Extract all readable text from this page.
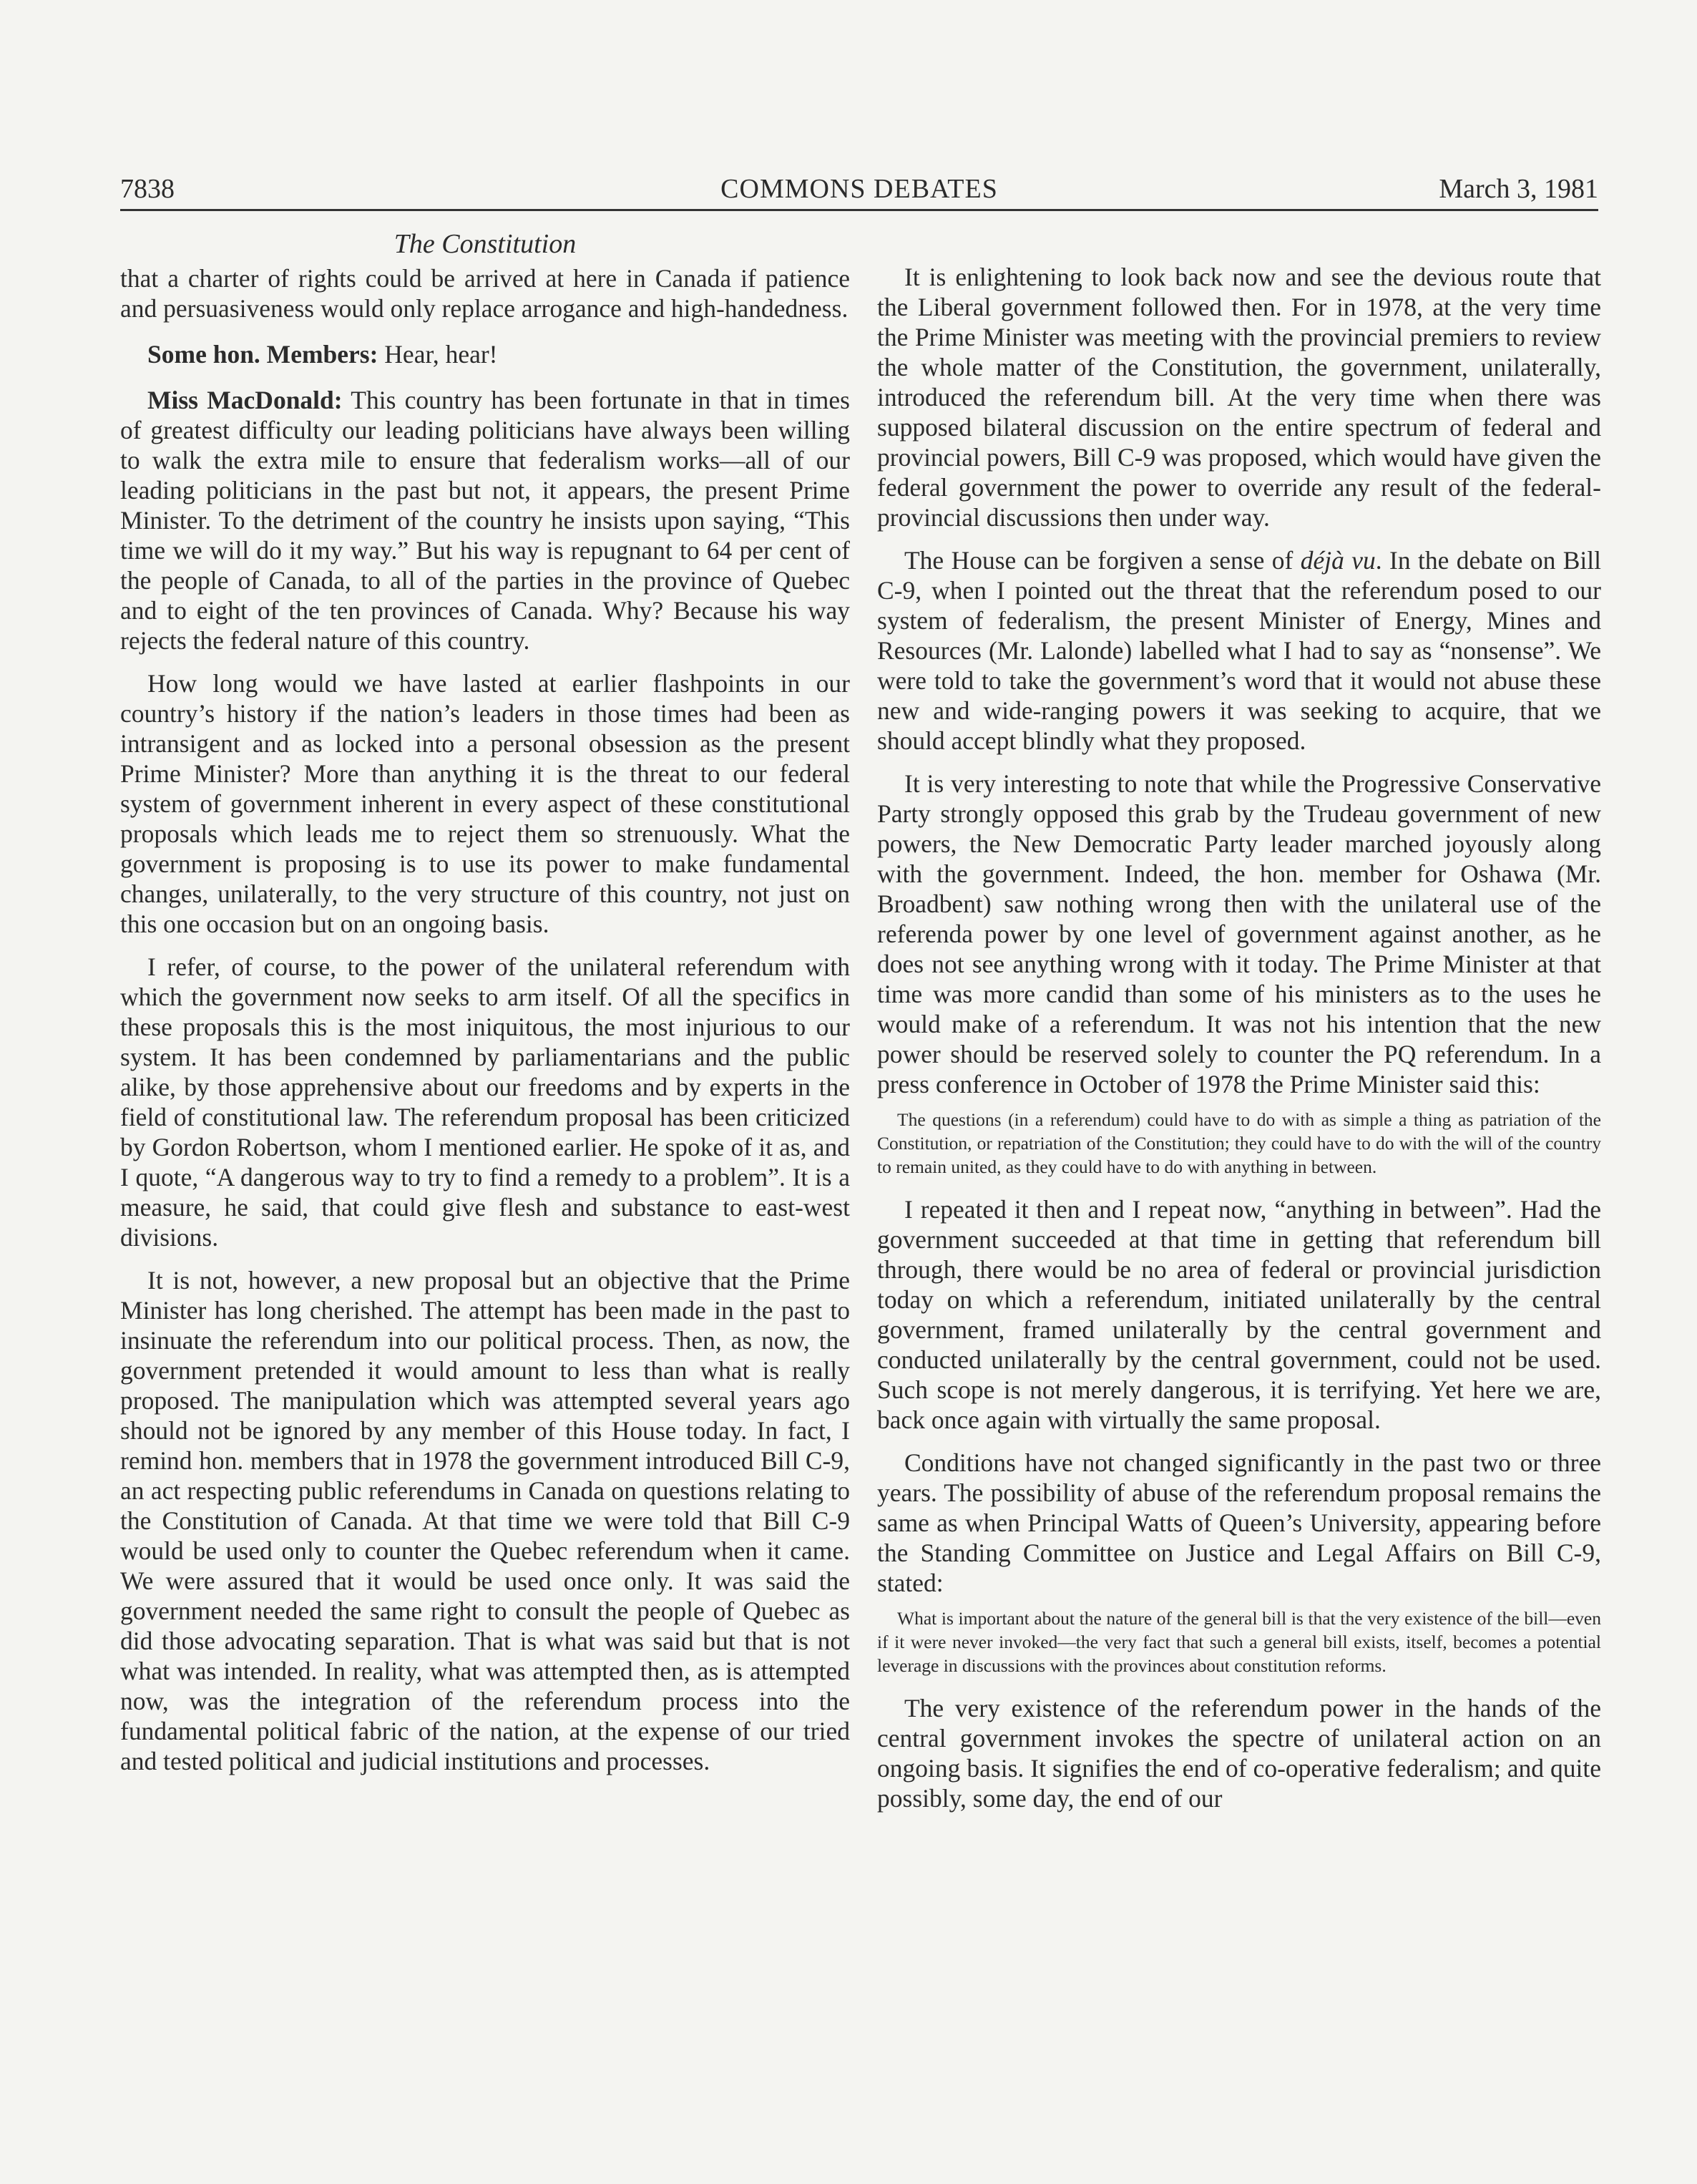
7838	COMMONS DEBATES	March 3, 1981
The Constitution

that a charter of rights could be arrived at here in Canada if patience and persuasiveness would only replace arrogance and high-handedness.

Some hon. Members: Hear, hear!

Miss MacDonald: This country has been fortunate in that in times of greatest difficulty our leading politicians have always been willing to walk the extra mile to ensure that federalism works—all of our leading politicians in the past but not, it appears, the present Prime Minister. To the detriment of the country he insists upon saying, “This time we will do it my way.” But his way is repugnant to 64 per cent of the people of Canada, to all of the parties in the province of Quebec and to eight of the ten provinces of Canada. Why? Because his way rejects the federal nature of this country.

How long would we have lasted at earlier flashpoints in our country’s history if the nation’s leaders in those times had been as intransigent and as locked into a personal obsession as the present Prime Minister? More than anything it is the threat to our federal system of government inherent in every aspect of these constitutional proposals which leads me to reject them so strenuously. What the government is proposing is to use its power to make fundamental changes, unilaterally, to the very structure of this country, not just on this one occasion but on an ongoing basis.

I refer, of course, to the power of the unilateral referendum with which the government now seeks to arm itself. Of all the specifics in these proposals this is the most iniquitous, the most injurious to our system. It has been condemned by parliamentarians and the public alike, by those apprehensive about our freedoms and by experts in the field of constitutional law. The referendum proposal has been criticized by Gordon Robertson, whom I mentioned earlier. He spoke of it as, and I quote, “A dangerous way to try to find a remedy to a problem”. It is a measure, he said, that could give flesh and substance to east-west divisions.

It is not, however, a new proposal but an objective that the Prime Minister has long cherished. The attempt has been made in the past to insinuate the referendum into our political process. Then, as now, the government pretended it would amount to less than what is really proposed. The manipulation which was attempted several years ago should not be ignored by any member of this House today. In fact, I remind hon. members that in 1978 the government introduced Bill C-9, an act respecting public referendums in Canada on questions relating to the Constitution of Canada. At that time we were told that Bill C-9 would be used only to counter the Quebec referendum when it came. We were assured that it would be used once only. It was said the government needed the same right to consult the people of Quebec as did those advocating separation. That is what was said but that is not what was intended. In reality, what was attempted then, as is attempted now, was the integration of the referendum process into the fundamental political fabric of the nation, at the expense of our tried and tested political and judicial institutions and processes.

It is enlightening to look back now and see the devious route that the Liberal government followed then. For in 1978, at the very time the Prime Minister was meeting with the provincial premiers to review the whole matter of the Constitution, the government, unilaterally, introduced the referendum bill. At the very time when there was supposed bilateral discussion on the entire spectrum of federal and provincial powers, Bill C-9 was proposed, which would have given the federal government the power to override any result of the federal-provincial discussions then under way.

The House can be forgiven a sense of déjà vu. In the debate on Bill C-9, when I pointed out the threat that the referendum posed to our system of federalism, the present Minister of Energy, Mines and Resources (Mr. Lalonde) labelled what I had to say as “nonsense”. We were told to take the government’s word that it would not abuse these new and wide-ranging powers it was seeking to acquire, that we should accept blindly what they proposed.

It is very interesting to note that while the Progressive Conservative Party strongly opposed this grab by the Trudeau government of new powers, the New Democratic Party leader marched joyously along with the government. Indeed, the hon. member for Oshawa (Mr. Broadbent) saw nothing wrong then with the unilateral use of the referenda power by one level of government against another, as he does not see anything wrong with it today. The Prime Minister at that time was more candid than some of his ministers as to the uses he would make of a referendum. It was not his intention that the new power should be reserved solely to counter the PQ referendum. In a press conference in October of 1978 the Prime Minister said this:

The questions (in a referendum) could have to do with as simple a thing as patriation of the Constitution, or repatriation of the Constitution; they could have to do with the will of the country to remain united, as they could have to do with anything in between.

I repeated it then and I repeat now, “anything in between”. Had the government succeeded at that time in getting that referendum bill through, there would be no area of federal or provincial jurisdiction today on which a referendum, initiated unilaterally by the central government, framed unilaterally by the central government and conducted unilaterally by the central government, could not be used. Such scope is not merely dangerous, it is terrifying. Yet here we are, back once again with virtually the same proposal.

Conditions have not changed significantly in the past two or three years. The possibility of abuse of the referendum proposal remains the same as when Principal Watts of Queen’s University, appearing before the Standing Committee on Justice and Legal Affairs on Bill C-9, stated:

What is important about the nature of the general bill is that the very existence of the bill—even if it were never invoked—the very fact that such a general bill exists, itself, becomes a potential leverage in discussions with the provinces about constitution reforms.

The very existence of the referendum power in the hands of the central government invokes the spectre of unilateral action on an ongoing basis. It signifies the end of co-operative federalism; and quite possibly, some day, the end of our
